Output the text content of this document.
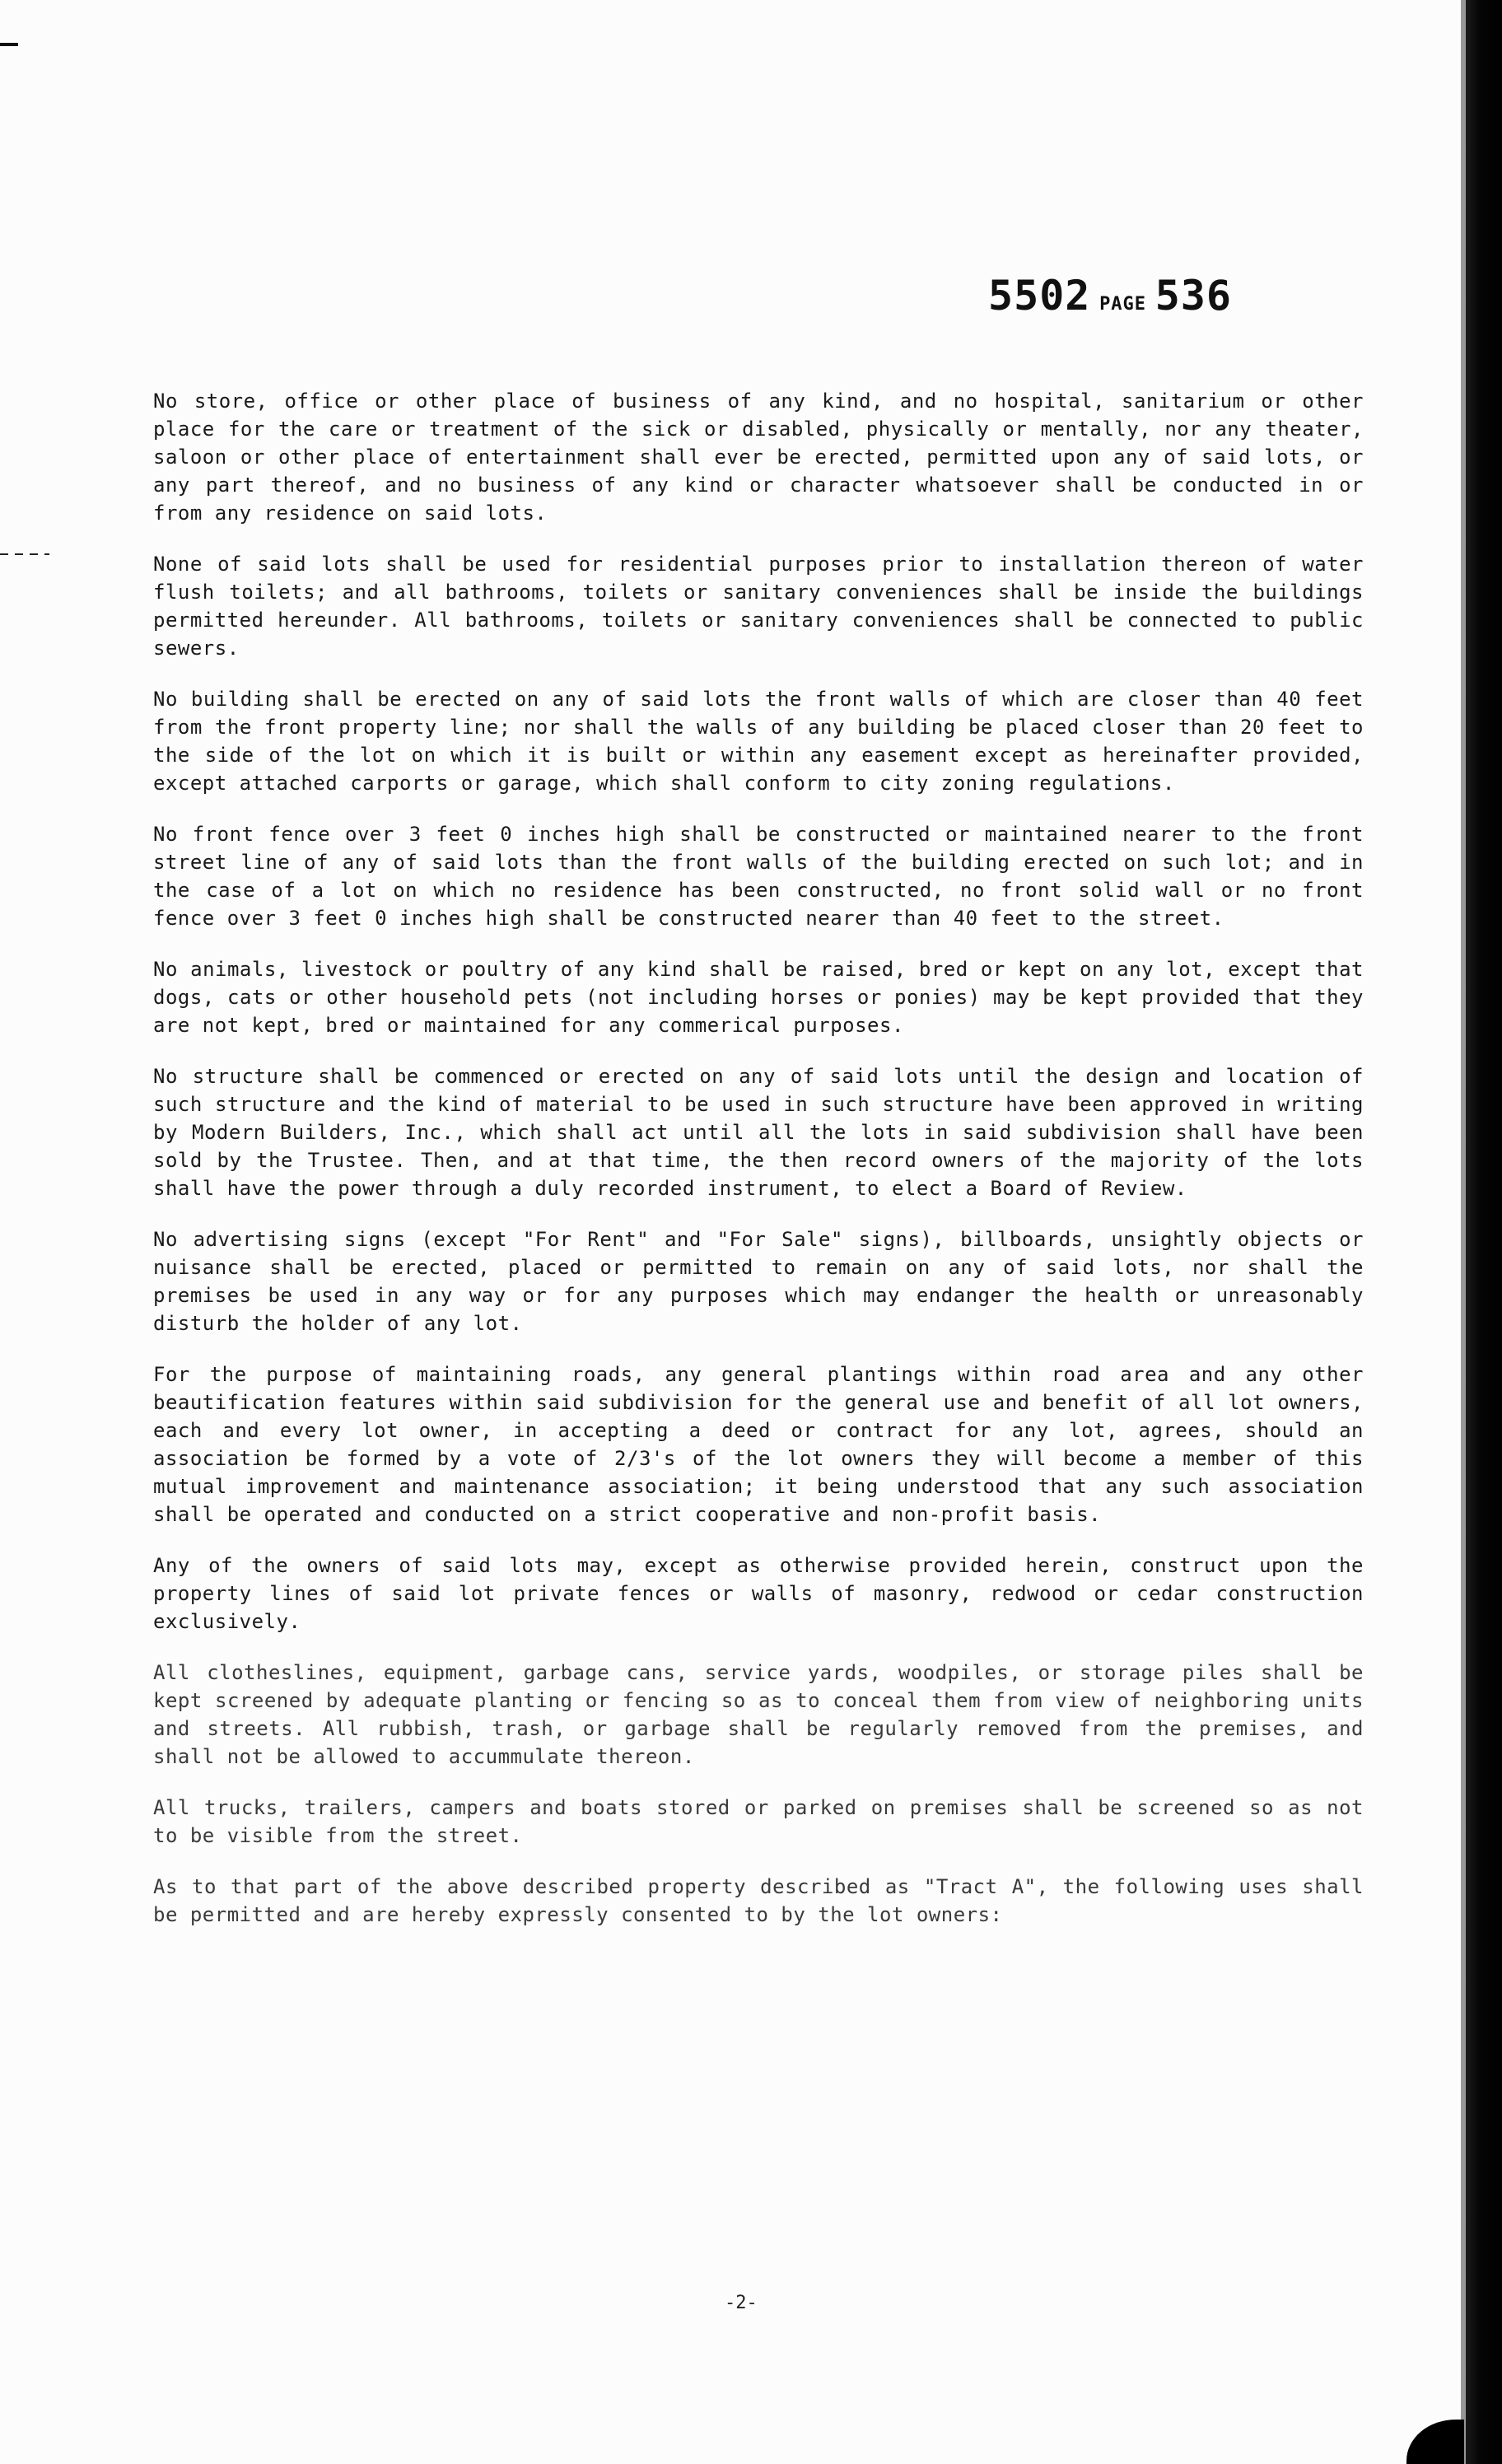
5502 PAGE 536

No store, office or other place of business of any kind, and no hospital, sanitarium or other place for the care or treatment of the sick or disabled, physically or mentally, nor any theater, saloon or other place of entertainment shall ever be erected, permitted upon any of said lots, or any part thereof, and no business of any kind or character whatsoever shall be conducted in or from any residence on said lots.

None of said lots shall be used for residential purposes prior to installation thereon of water flush toilets; and all bathrooms, toilets or sanitary conveniences shall be inside the buildings permitted hereunder. All bathrooms, toilets or sanitary conveniences shall be connected to public sewers.

No building shall be erected on any of said lots the front walls of which are closer than 40 feet from the front property line; nor shall the walls of any building be placed closer than 20 feet to the side of the lot on which it is built or within any easement except as hereinafter provided, except attached carports or garage, which shall conform to city zoning regulations.

No front fence over 3 feet 0 inches high shall be constructed or maintained nearer to the front street line of any of said lots than the front walls of the building erected on such lot; and in the case of a lot on which no residence has been constructed, no front solid wall or no front fence over 3 feet 0 inches high shall be constructed nearer than 40 feet to the street.

No animals, livestock or poultry of any kind shall be raised, bred or kept on any lot, except that dogs, cats or other household pets (not including horses or ponies) may be kept provided that they are not kept, bred or maintained for any commerical purposes.

No structure shall be commenced or erected on any of said lots until the design and location of such structure and the kind of material to be used in such structure have been approved in writing by Modern Builders, Inc., which shall act until all the lots in said subdivision shall have been sold by the Trustee. Then, and at that time, the then record owners of the majority of the lots shall have the power through a duly recorded instrument, to elect a Board of Review.

No advertising signs (except "For Rent" and "For Sale" signs), billboards, unsightly objects or nuisance shall be erected, placed or permitted to remain on any of said lots, nor shall the premises be used in any way or for any purposes which may endanger the health or unreasonably disturb the holder of any lot.

For the purpose of maintaining roads, any general plantings within road area and any other beautification features within said subdivision for the general use and benefit of all lot owners, each and every lot owner, in accepting a deed or contract for any lot, agrees, should an association be formed by a vote of 2/3's of the lot owners they will become a member of this mutual improvement and maintenance association; it being understood that any such association shall be operated and conducted on a strict cooperative and non-profit basis.

Any of the owners of said lots may, except as otherwise provided herein, construct upon the property lines of said lot private fences or walls of masonry, redwood or cedar construction exclusively.

All clotheslines, equipment, garbage cans, service yards, woodpiles, or storage piles shall be kept screened by adequate planting or fencing so as to conceal them from view of neighboring units and streets. All rubbish, trash, or garbage shall be regularly removed from the premises, and shall not be allowed to accummulate thereon.

All trucks, trailers, campers and boats stored or parked on premises shall be screened so as not to be visible from the street.

As to that part of the above described property described as "Tract A", the following uses shall be permitted and are hereby expressly consented to by the lot owners:

-2-
